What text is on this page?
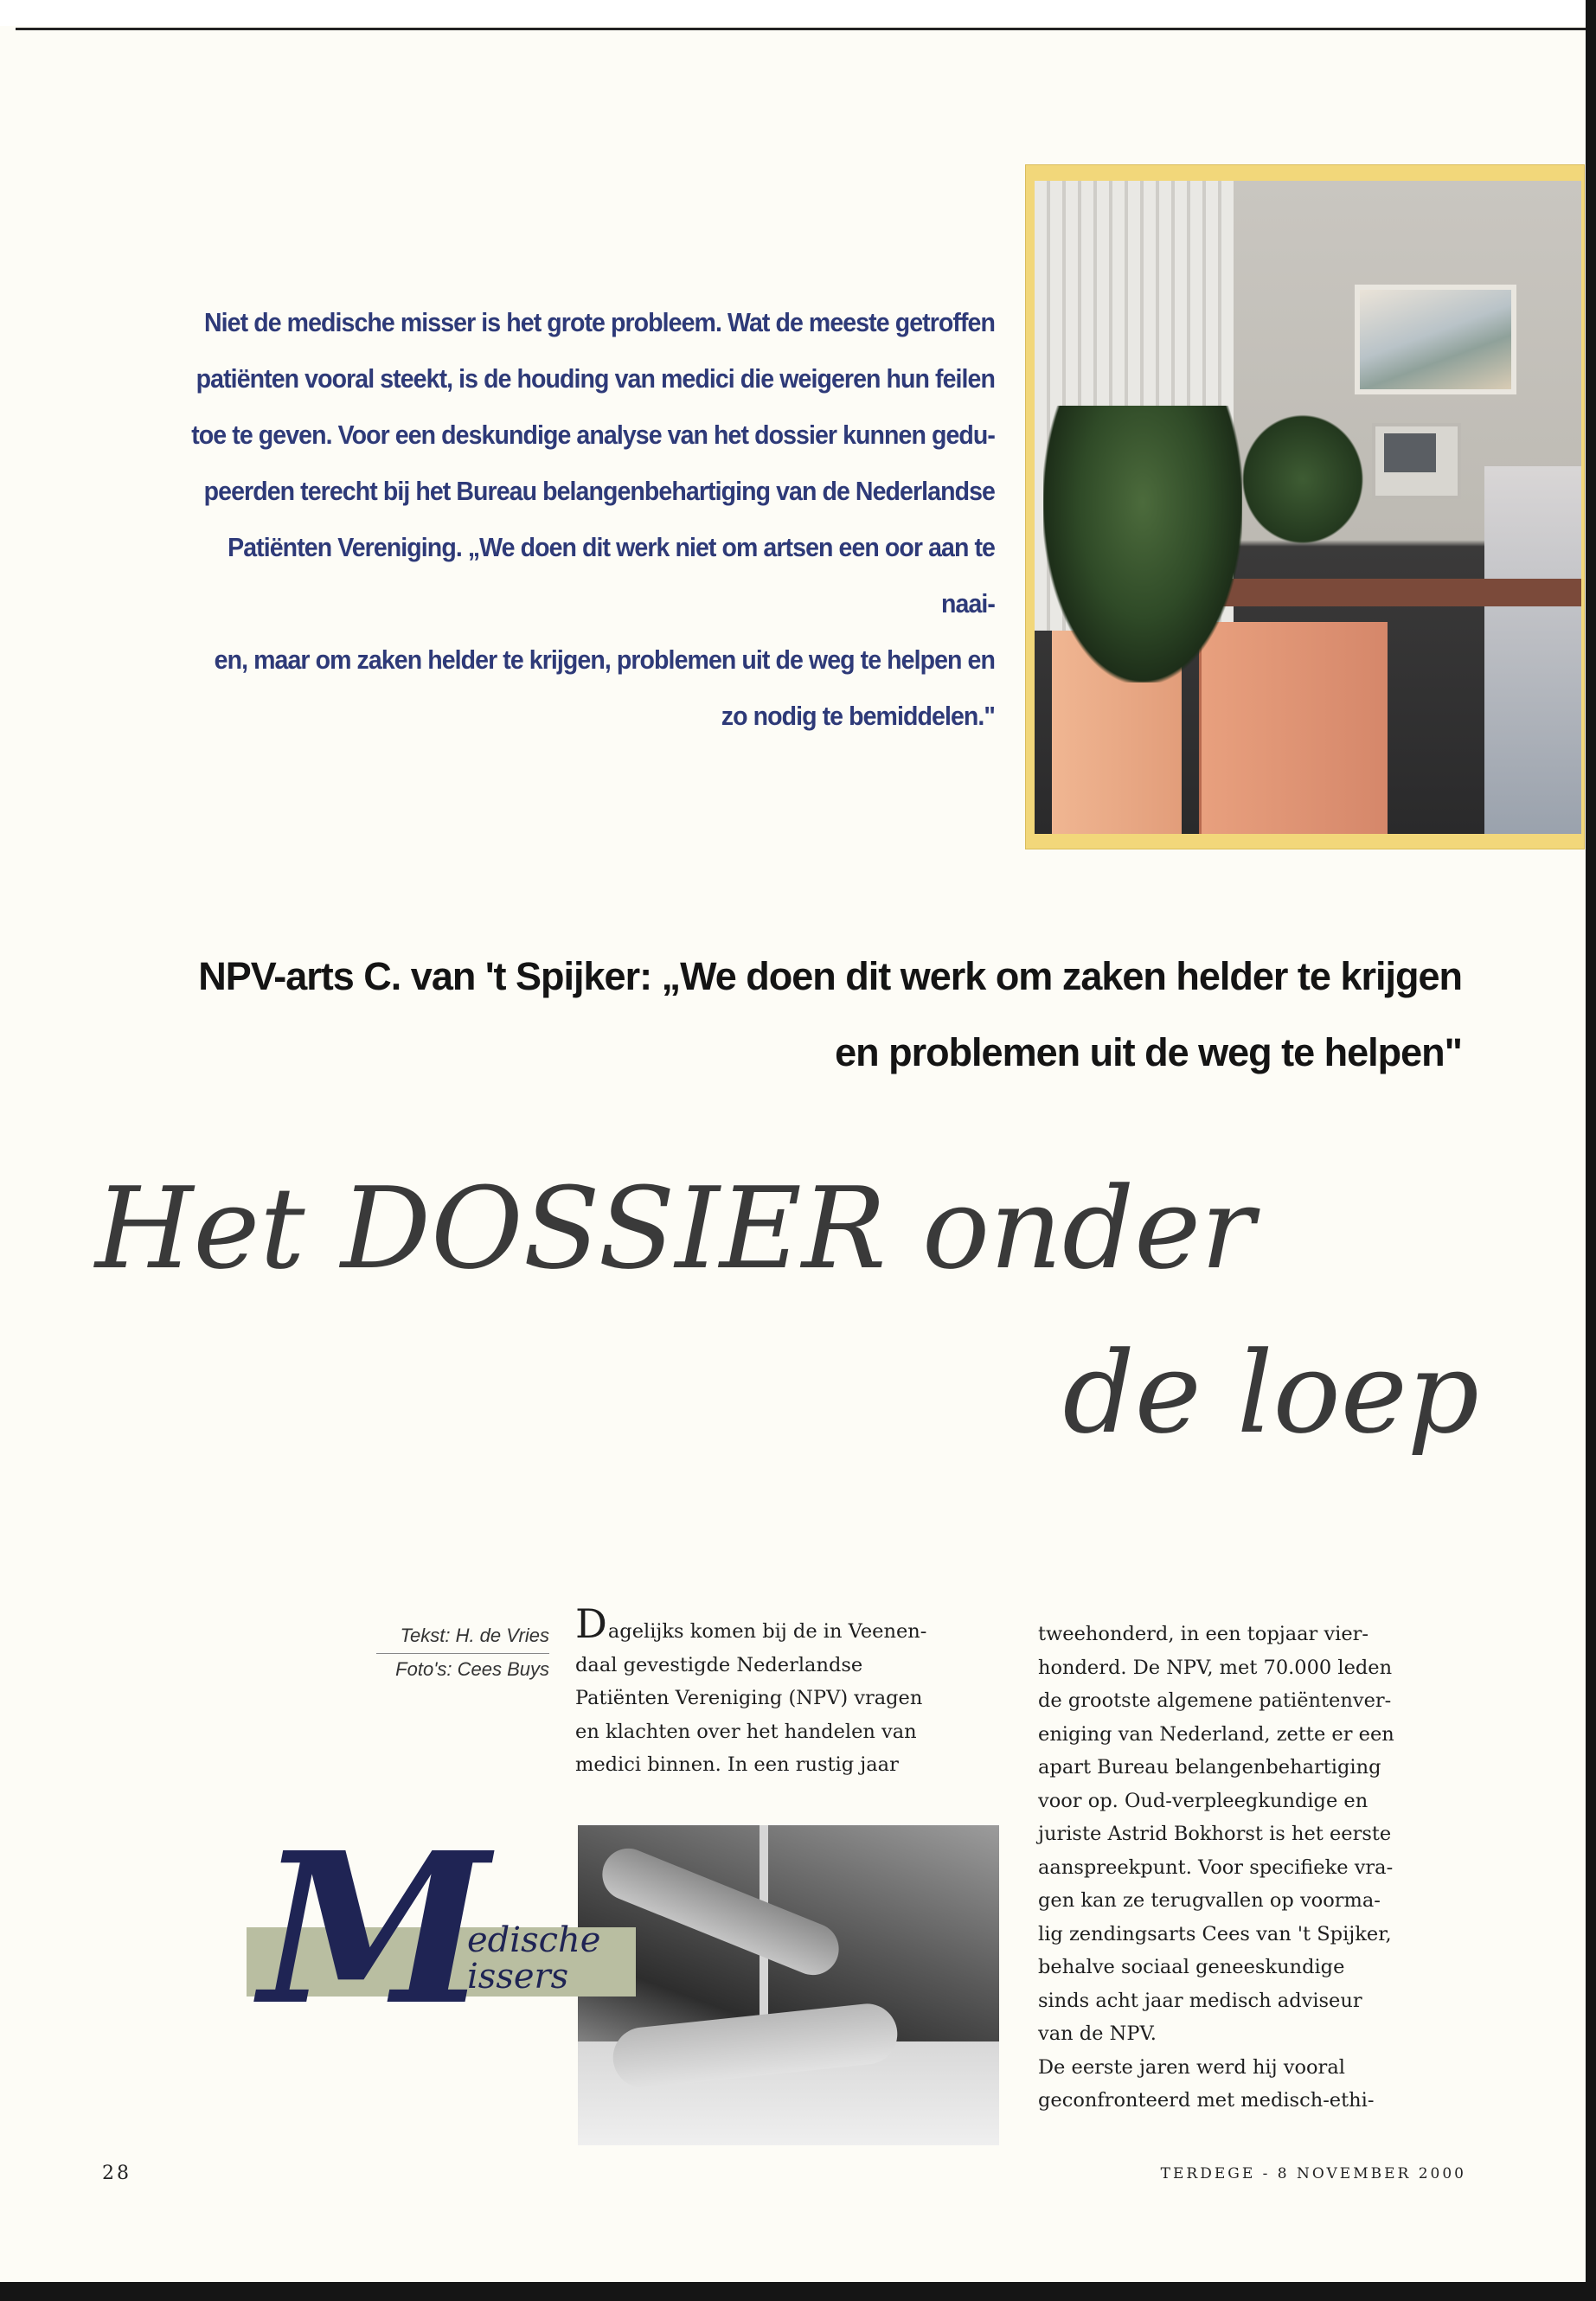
Niet de medische misser is het grote probleem. Wat de meeste getroffen
patiënten vooral steekt, is de houding van medici die weigeren hun feilen
toe te geven. Voor een deskundige analyse van het dossier kunnen gedu-
peerden terecht bij het Bureau belangenbehartiging van de Nederlandse
Patiënten Vereniging. „We doen dit werk niet om artsen een oor aan te naai-
en, maar om zaken helder te krijgen, problemen uit de weg te helpen en
zo nodig te bemiddelen."
NPV-arts C. van 't Spijker: „We doen dit werk om zaken helder te krijgen
en problemen uit de weg te helpen"
Het DOSSIER onder
de loep
Tekst: H. de Vries
Foto's: Cees Buys
Dagelijks komen bij de in Veenen-
daal gevestigde Nederlandse
Patiënten Vereniging (NPV) vragen
en klachten over het handelen van
medici binnen. In een rustig jaar
M
edische
issers
tweehonderd, in een topjaar vier-
honderd. De NPV, met 70.000 leden
de grootste algemene patiëntenver-
eniging van Nederland, zette er een
apart Bureau belangenbehartiging
voor op. Oud-verpleegkundige en
juriste Astrid Bokhorst is het eerste
aanspreekpunt. Voor specifieke vra-
gen kan ze terugvallen op voorma-
lig zendingsarts Cees van 't Spijker,
behalve sociaal geneeskundige
sinds acht jaar medisch adviseur
van de NPV.
De eerste jaren werd hij vooral
geconfronteerd met medisch-ethi-
28	TERDEGE - 8 NOVEMBER 2000
